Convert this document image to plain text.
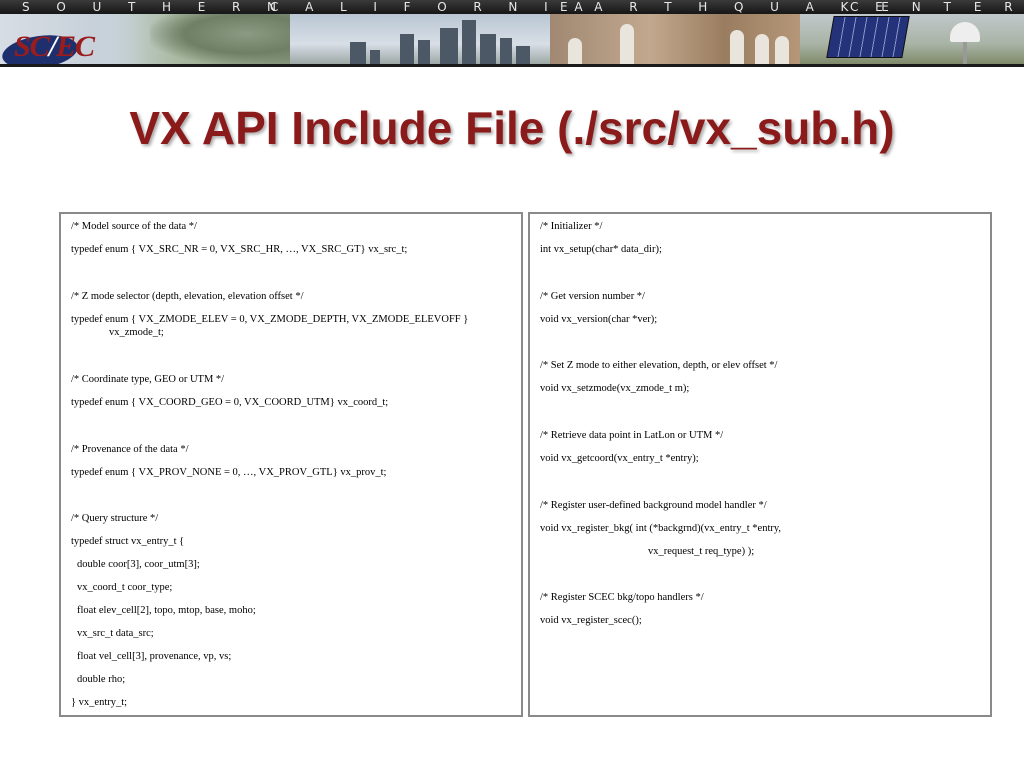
S       O       U       T       H       E       R       N
C       A       L       I       F       O       R       N       I       A
E       A       R       T       H       Q       U       A       K       E
C      E      N      T      E      R
SC/EC
VX API Include File (./src/vx_sub.h)
/* Model source of the data */
typedef enum { VX_SRC_NR = 0, VX_SRC_HR, …, VX_SRC_GT} vx_src_t;
/* Z mode selector (depth, elevation, elevation offset */
typedef enum { VX_ZMODE_ELEV = 0, VX_ZMODE_DEPTH, VX_ZMODE_ELEVOFF }
vx_zmode_t;
/* Coordinate type, GEO or UTM */
typedef enum { VX_COORD_GEO = 0, VX_COORD_UTM} vx_coord_t;
/* Provenance of the data */
typedef enum { VX_PROV_NONE = 0, …, VX_PROV_GTL} vx_prov_t;
/* Query structure */
typedef struct vx_entry_t {
double coor[3], coor_utm[3];
vx_coord_t coor_type;
float elev_cell[2], topo, mtop, base, moho;
vx_src_t data_src;
float vel_cell[3], provenance, vp, vs;
double rho;
} vx_entry_t;
/* Initializer */
int vx_setup(char* data_dir);
/* Get version number */
void vx_version(char *ver);
/* Set Z mode to either elevation, depth, or elev offset */
void vx_setzmode(vx_zmode_t m);
/* Retrieve data point in LatLon or UTM */
void vx_getcoord(vx_entry_t *entry);
/* Register user-defined background model handler */
void vx_register_bkg( int (*backgrnd)(vx_entry_t *entry,
vx_request_t req_type) );
/* Register SCEC bkg/topo handlers */
void vx_register_scec();
